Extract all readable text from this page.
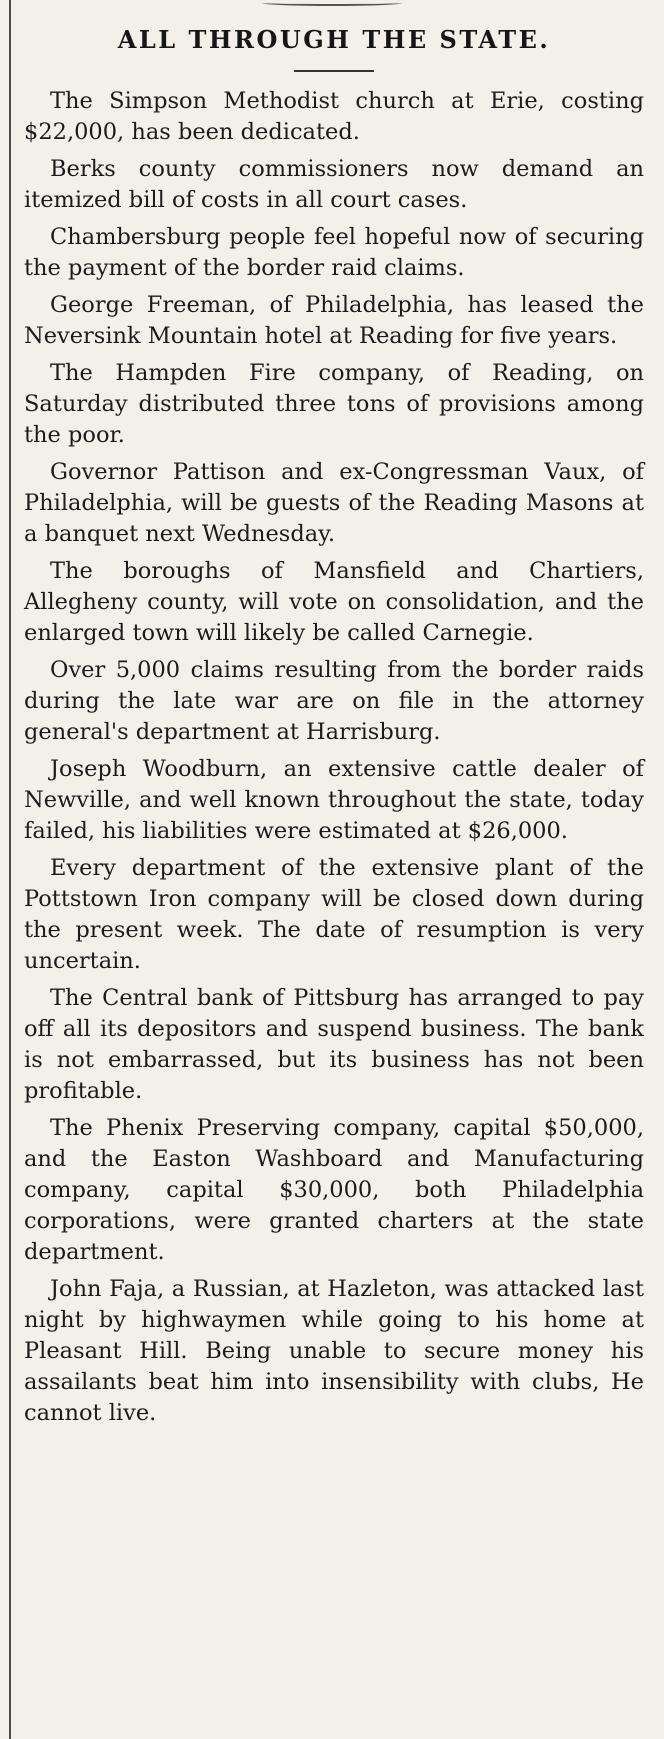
ALL THROUGH THE STATE.

The Simpson Methodist church at Erie, costing $22,000, has been dedicated.

Berks county commissioners now demand an itemized bill of costs in all court cases.

Chambersburg people feel hopeful now of securing the payment of the border raid claims.

George Freeman, of Philadelphia, has leased the Neversink Mountain hotel at Reading for five years.

The Hampden Fire company, of Reading, on Saturday distributed three tons of provisions among the poor.

Governor Pattison and ex-Congressman Vaux, of Philadelphia, will be guests of the Reading Masons at a banquet next Wednesday.

The boroughs of Mansfield and Chartiers, Allegheny county, will vote on consolidation, and the enlarged town will likely be called Carnegie.

Over 5,000 claims resulting from the border raids during the late war are on file in the attorney general's department at Harrisburg.

Joseph Woodburn, an extensive cattle dealer of Newville, and well known throughout the state, today failed, his liabilities were estimated at $26,000.

Every department of the extensive plant of the Pottstown Iron company will be closed down during the present week. The date of resumption is very uncertain.

The Central bank of Pittsburg has arranged to pay off all its depositors and suspend business. The bank is not embarrassed, but its business has not been profitable.

The Phenix Preserving company, capital $50,000, and the Easton Washboard and Manufacturing company, capital $30,000, both Philadelphia corporations, were granted charters at the state department.

John Faja, a Russian, at Hazleton, was attacked last night by highwaymen while going to his home at Pleasant Hill. Being unable to secure money his assailants beat him into insensibility with clubs, He cannot live.
